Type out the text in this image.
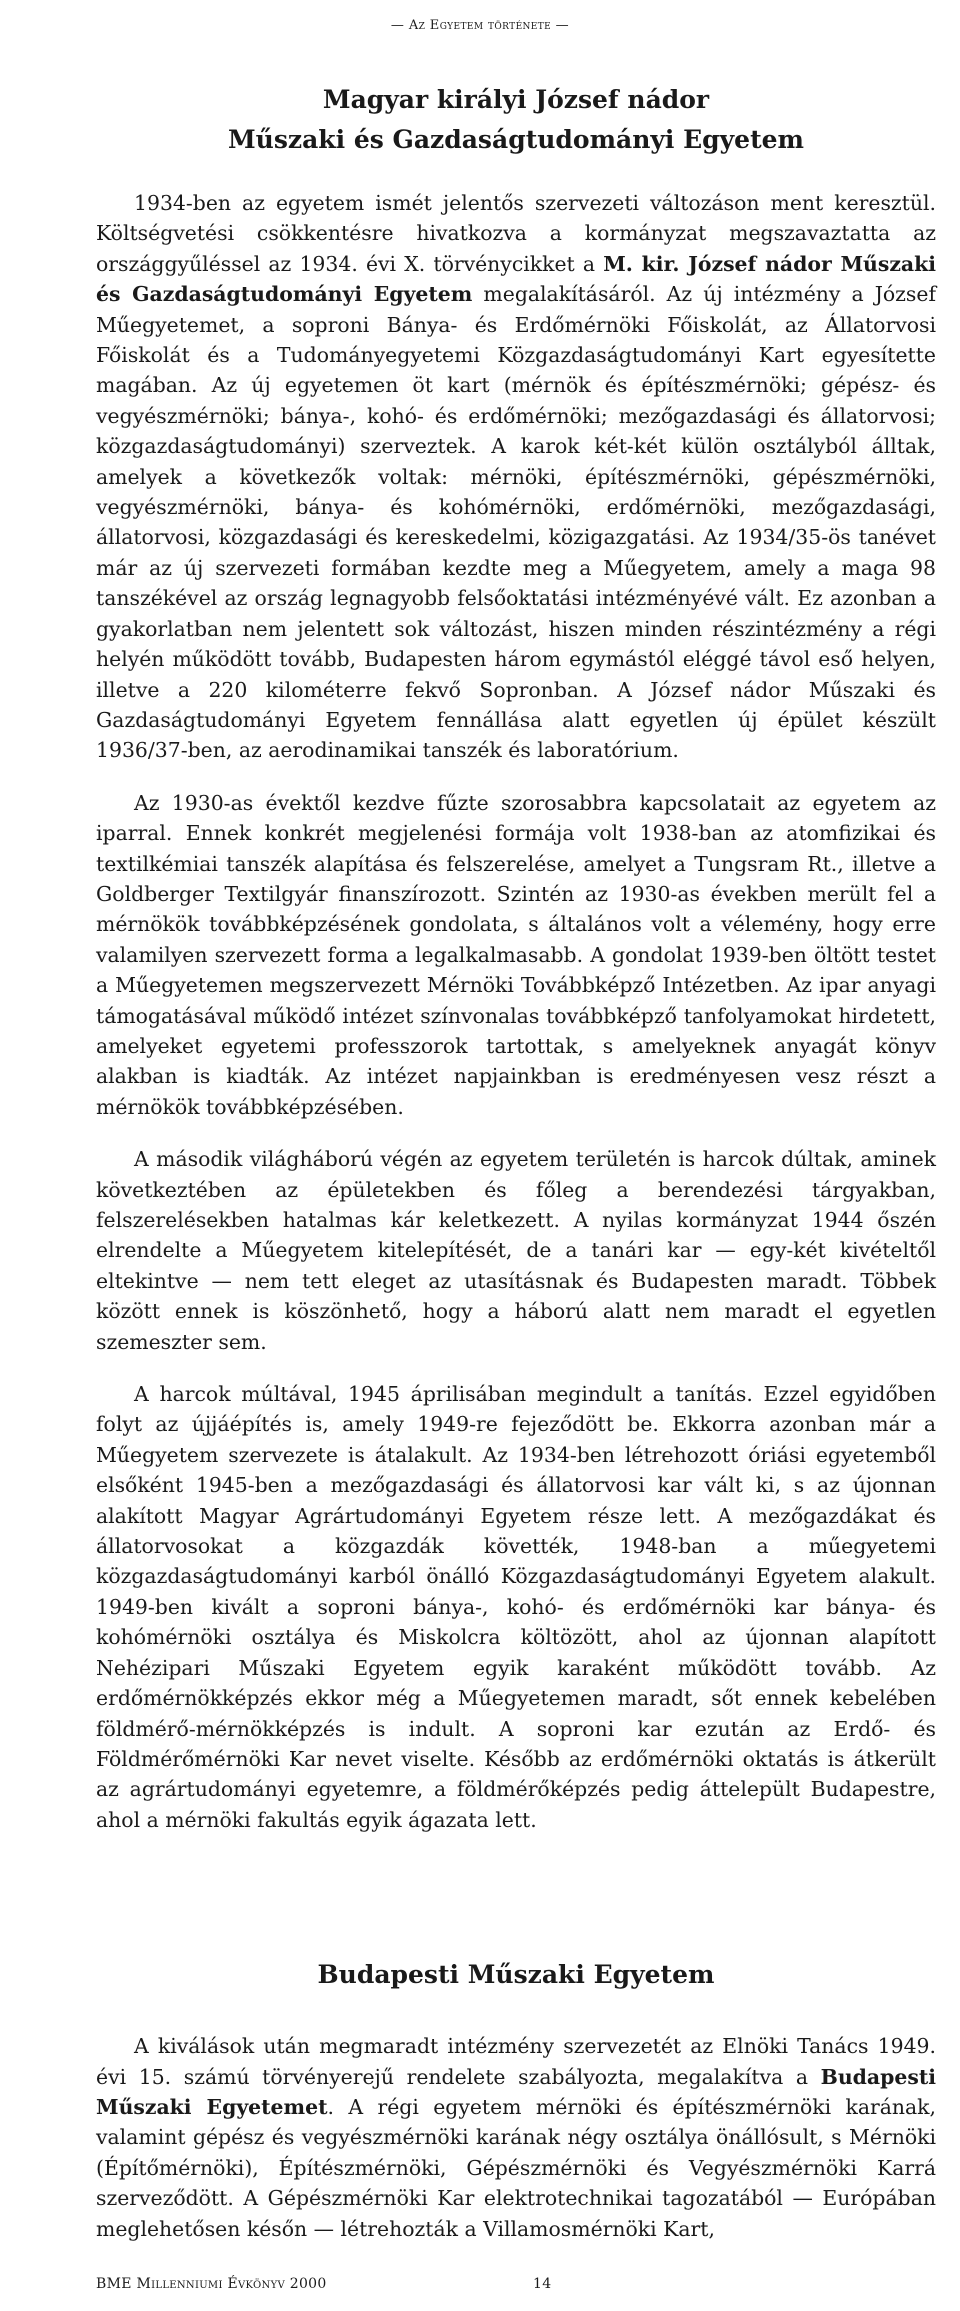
— Az Egyetem története —
Magyar királyi József nádor
Műszaki és Gazdaságtudományi Egyetem

1934-ben az egyetem ismét jelentős szervezeti változáson ment keresztül. Költségvetési csökkentésre hivatkozva a kormányzat megszavaztatta az országgyűléssel az 1934. évi X. törvénycikket a M. kir. József nádor Műszaki és Gazdaságtudományi Egyetem megalakításáról. Az új intézmény a József Műegyetemet, a soproni Bánya- és Erdőmérnöki Főiskolát, az Állatorvosi Főiskolát és a Tudományegyetemi Közgazdaságtudományi Kart egyesítette magában. Az új egyetemen öt kart (mérnök és építészmérnöki; gépész- és vegyészmérnöki; bánya-, kohó- és erdőmérnöki; mezőgazdasági és állatorvosi; közgazdaságtudományi) szerveztek. A karok két-két külön osztályból álltak, amelyek a következők voltak: mérnöki, építészmérnöki, gépészmérnöki, vegyészmérnöki, bánya- és kohómérnöki, erdőmérnöki, mezőgazdasági, állatorvosi, közgazdasági és kereskedelmi, közigazgatási. Az 1934/35-ös tanévet már az új szervezeti formában kezdte meg a Műegyetem, amely a maga 98 tanszékével az ország legnagyobb felsőoktatási intézményévé vált. Ez azonban a gyakorlatban nem jelentett sok változást, hiszen minden részintézmény a régi helyén működött tovább, Budapesten három egymástól eléggé távol eső helyen, illetve a 220 kilométerre fekvő Sopronban. A József nádor Műszaki és Gazdaságtudományi Egyetem fennállása alatt egyetlen új épület készült 1936/37-ben, az aerodinamikai tanszék és laboratórium.

Az 1930-as évektől kezdve fűzte szorosabbra kapcsolatait az egyetem az iparral. Ennek konkrét megjelenési formája volt 1938-ban az atomfizikai és textilkémiai tanszék alapítása és felszerelése, amelyet a Tungsram Rt., illetve a Goldberger Textilgyár finanszírozott. Szintén az 1930-as években merült fel a mérnökök továbbképzésének gondolata, s általános volt a vélemény, hogy erre valamilyen szervezett forma a legalkalmasabb. A gondolat 1939-ben öltött testet a Műegyetemen megszervezett Mérnöki Továbbképző Intézetben. Az ipar anyagi támogatásával működő intézet színvonalas továbbképző tanfolyamokat hirdetett, amelyeket egyetemi professzorok tartottak, s amelyeknek anyagát könyv alakban is kiadták. Az intézet napjainkban is eredményesen vesz részt a mérnökök továbbképzésében.

A második világháború végén az egyetem területén is harcok dúltak, aminek következtében az épületekben és főleg a berendezési tárgyakban, felszerelésekben hatalmas kár keletkezett. A nyilas kormányzat 1944 őszén elrendelte a Műegyetem kitelepítését, de a tanári kar — egy-két kivételtől eltekintve — nem tett eleget az utasításnak és Budapesten maradt. Többek között ennek is köszönhető, hogy a háború alatt nem maradt el egyetlen szemeszter sem.

A harcok múltával, 1945 áprilisában megindult a tanítás. Ezzel egyidőben folyt az újjáépítés is, amely 1949-re fejeződött be. Ekkorra azonban már a Műegyetem szervezete is átalakult. Az 1934-ben létrehozott óriási egyetemből elsőként 1945-ben a mezőgazdasági és állatorvosi kar vált ki, s az újonnan alakított Magyar Agrártudományi Egyetem része lett. A mezőgazdákat és állatorvosokat a közgazdák követték, 1948-ban a műegyetemi közgazdaságtudományi karból önálló Közgazdaságtudományi Egyetem alakult. 1949-ben kivált a soproni bánya-, kohó- és erdőmérnöki kar bánya- és kohómérnöki osztálya és Miskolcra költözött, ahol az újonnan alapított Nehézipari Műszaki Egyetem egyik karaként működött tovább. Az erdőmérnökképzés ekkor még a Műegyetemen maradt, sőt ennek kebelében földmérő-mérnökképzés is indult. A soproni kar ezután az Erdő- és Földmérőmérnöki Kar nevet viselte. Később az erdőmérnöki oktatás is átkerült az agrártudományi egyetemre, a földmérőképzés pedig áttelepült Budapestre, ahol a mérnöki fakultás egyik ágazata lett.

Budapesti Műszaki Egyetem

A kiválások után megmaradt intézmény szervezetét az Elnöki Tanács 1949. évi 15. számú törvényerejű rendelete szabályozta, megalakítva a Budapesti Műszaki Egyetemet. A régi egyetem mérnöki és építészmérnöki karának, valamint gépész és vegyészmérnöki karának négy osztálya önállósult, s Mérnöki (Építőmérnöki), Építészmérnöki, Gépészmérnöki és Vegyészmérnöki Karrá szerveződött. A Gépészmérnöki Kar elektrotechnikai tagozatából — Európában meglehetősen későn — létrehozták a Villamosmérnöki Kart,

BME Millenniumi Évkönyv 2000	14
